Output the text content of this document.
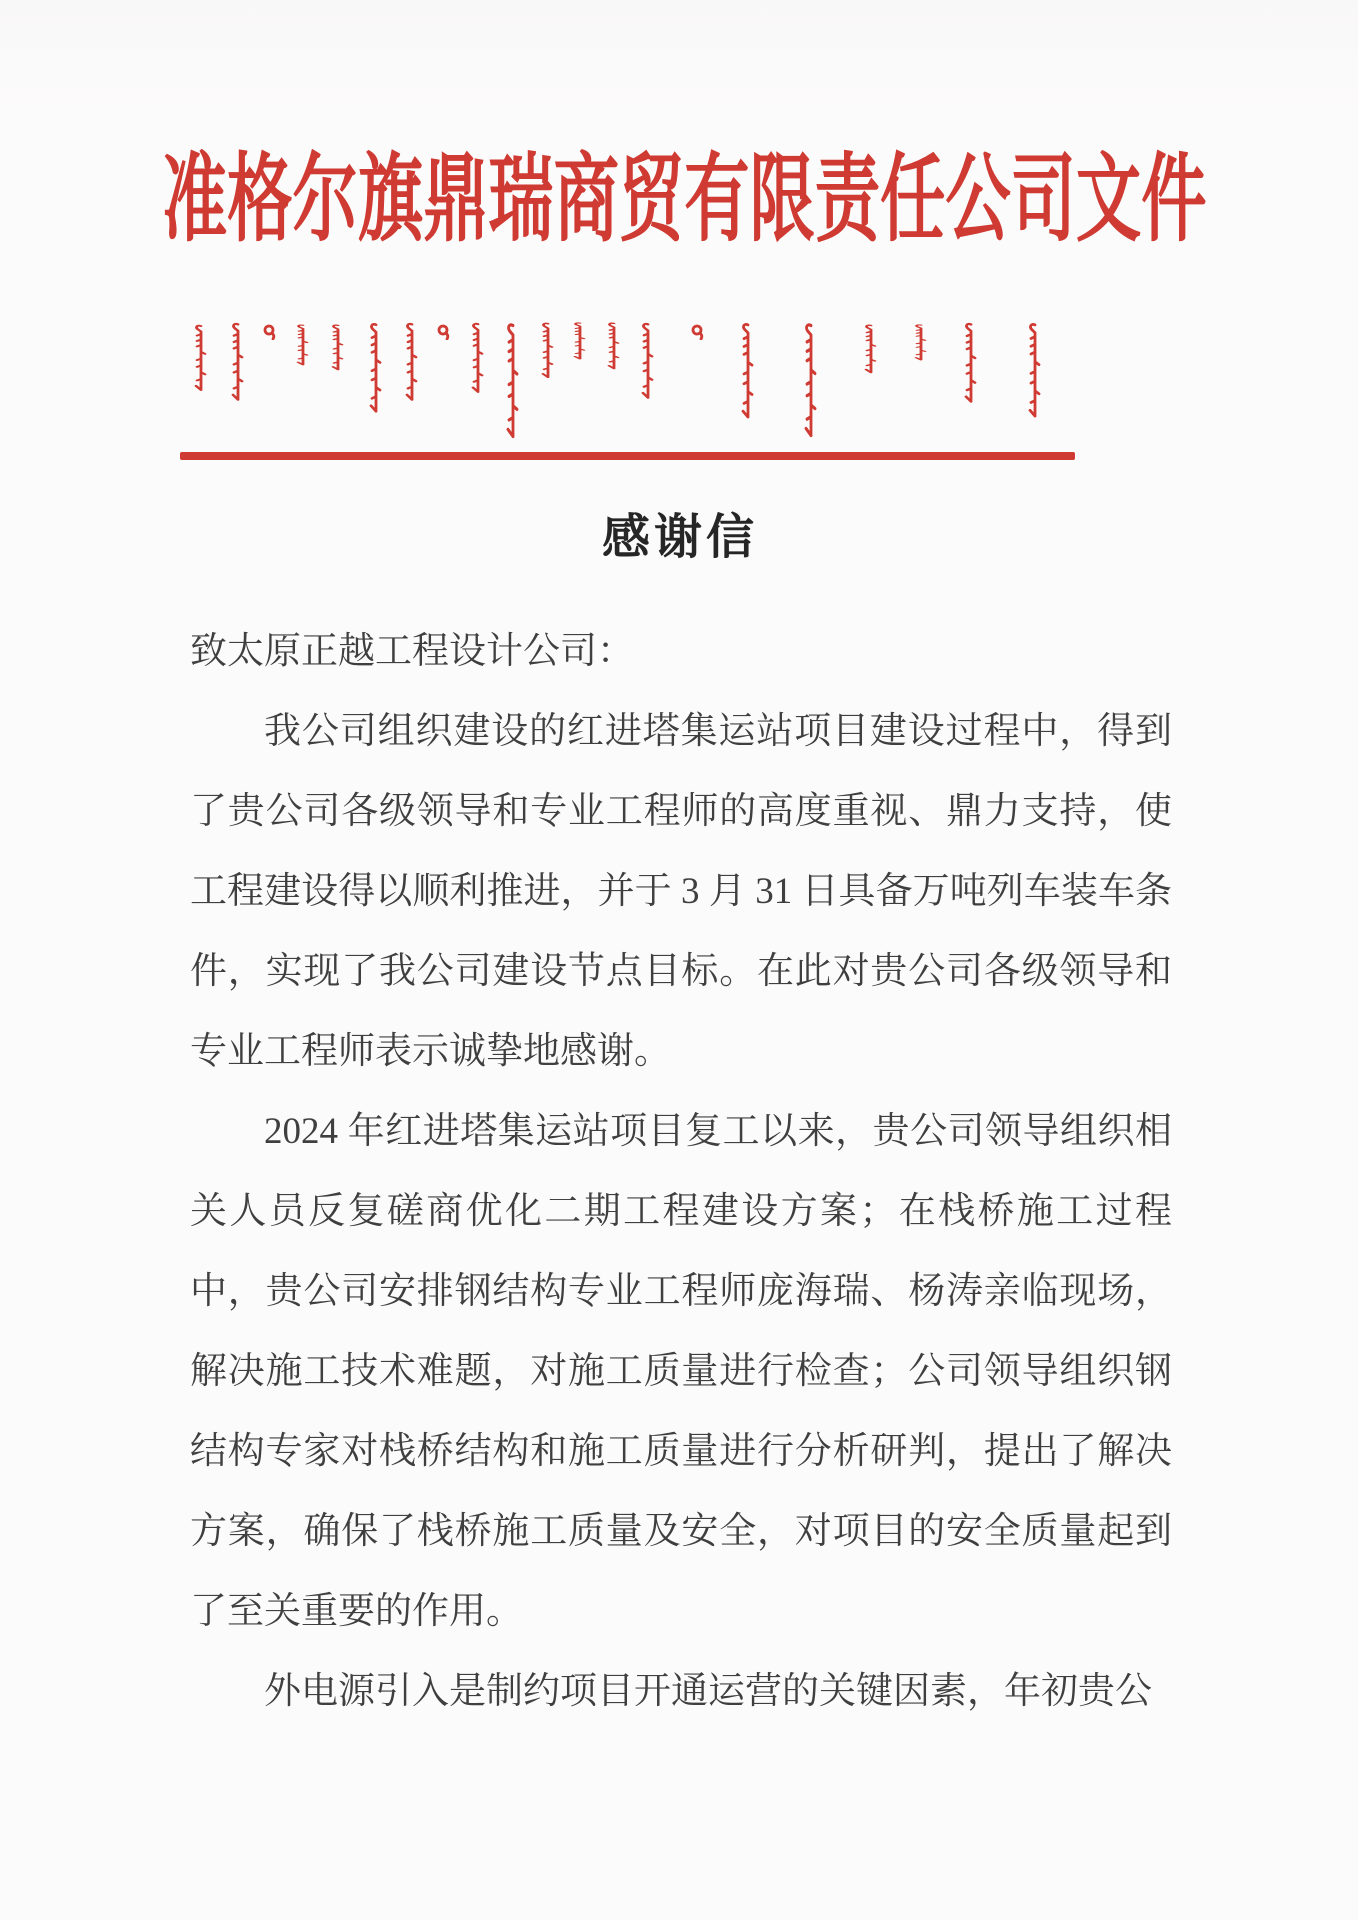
准格尔旗鼎瑞商贸有限责任公司文件
感谢信

致太原正越工程设计公司：

我公司组织建设的红进塔集运站项目建设过程中，得到了贵公司各级领导和专业工程师的高度重视、鼎力支持，使工程建设得以顺利推进，并于 3 月 31 日具备万吨列车装车条件，实现了我公司建设节点目标。在此对贵公司各级领导和专业工程师表示诚挚地感谢。

2024 年红进塔集运站项目复工以来，贵公司领导组织相关人员反复磋商优化二期工程建设方案；在栈桥施工过程中，贵公司安排钢结构专业工程师庞海瑞、杨涛亲临现场，解决施工技术难题，对施工质量进行检查；公司领导组织钢结构专家对栈桥结构和施工质量进行分析研判，提出了解决方案，确保了栈桥施工质量及安全，对项目的安全质量起到了至关重要的作用。

外电源引入是制约项目开通运营的关键因素，年初贵公
